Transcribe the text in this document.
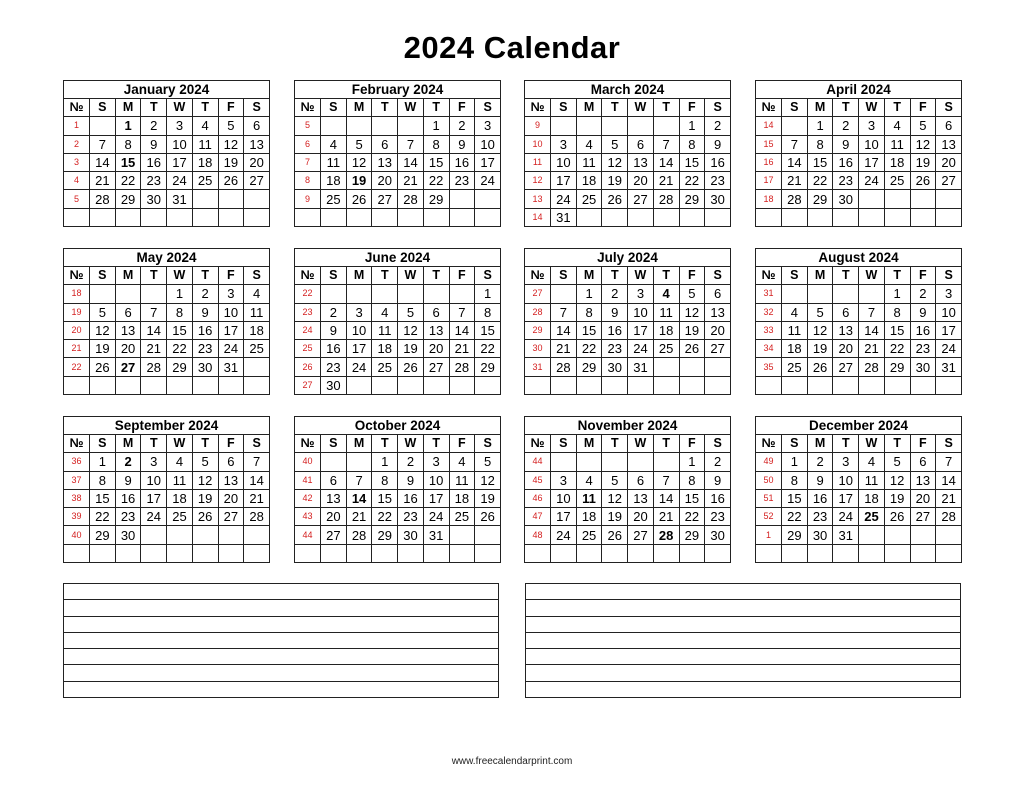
2024 Calendar
January 2024							
№	S	M	T	W	T	F	S
1		1	2	3	4	5	6
2	7	8	9	10	11	12	13
3	14	15	16	17	18	19	20
4	21	22	23	24	25	26	27
5	28	29	30	31			

February 2024							
№	S	M	T	W	T	F	S
5					1	2	3
6	4	5	6	7	8	9	10
7	11	12	13	14	15	16	17
8	18	19	20	21	22	23	24
9	25	26	27	28	29		

March 2024							
№	S	M	T	W	T	F	S
9						1	2
10	3	4	5	6	7	8	9
11	10	11	12	13	14	15	16
12	17	18	19	20	21	22	23
13	24	25	26	27	28	29	30
14	31						
April 2024							
№	S	M	T	W	T	F	S
14		1	2	3	4	5	6
15	7	8	9	10	11	12	13
16	14	15	16	17	18	19	20
17	21	22	23	24	25	26	27
18	28	29	30				

May 2024							
№	S	M	T	W	T	F	S
18				1	2	3	4
19	5	6	7	8	9	10	11
20	12	13	14	15	16	17	18
21	19	20	21	22	23	24	25
22	26	27	28	29	30	31	

June 2024							
№	S	M	T	W	T	F	S
22							1
23	2	3	4	5	6	7	8
24	9	10	11	12	13	14	15
25	16	17	18	19	20	21	22
26	23	24	25	26	27	28	29
27	30						
July 2024							
№	S	M	T	W	T	F	S
27		1	2	3	4	5	6
28	7	8	9	10	11	12	13
29	14	15	16	17	18	19	20
30	21	22	23	24	25	26	27
31	28	29	30	31			

August 2024							
№	S	M	T	W	T	F	S
31					1	2	3
32	4	5	6	7	8	9	10
33	11	12	13	14	15	16	17
34	18	19	20	21	22	23	24
35	25	26	27	28	29	30	31

September 2024							
№	S	M	T	W	T	F	S
36	1	2	3	4	5	6	7
37	8	9	10	11	12	13	14
38	15	16	17	18	19	20	21
39	22	23	24	25	26	27	28
40	29	30					

October 2024							
№	S	M	T	W	T	F	S
40			1	2	3	4	5
41	6	7	8	9	10	11	12
42	13	14	15	16	17	18	19
43	20	21	22	23	24	25	26
44	27	28	29	30	31		

November 2024							
№	S	M	T	W	T	F	S
44						1	2
45	3	4	5	6	7	8	9
46	10	11	12	13	14	15	16
47	17	18	19	20	21	22	23
48	24	25	26	27	28	29	30

December 2024							
№	S	M	T	W	T	F	S
49	1	2	3	4	5	6	7
50	8	9	10	11	12	13	14
51	15	16	17	18	19	20	21
52	22	23	24	25	26	27	28
1	29	30	31				

www.freecalendarprint.com
